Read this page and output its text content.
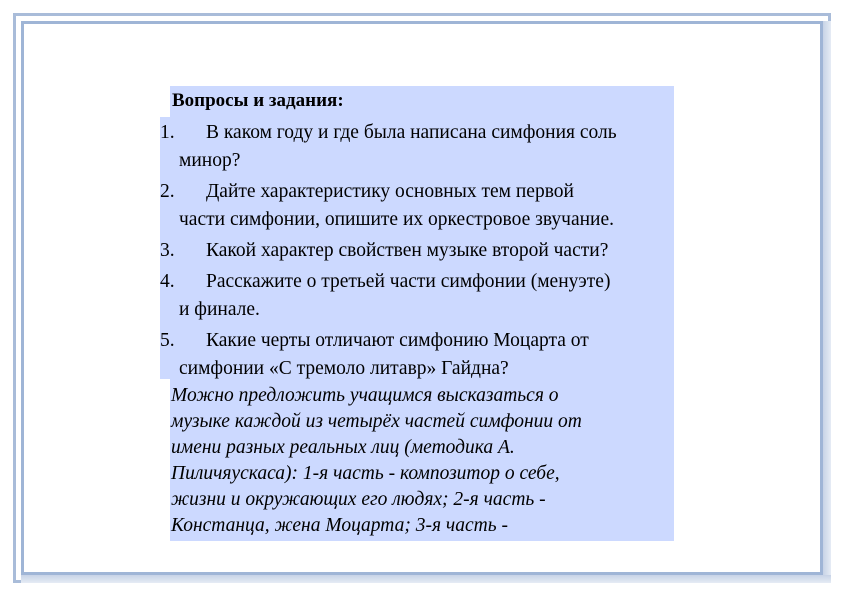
Вопросы и задания:
1.	В каком году и где была написана симфония соль
минор?
2.	Дайте характеристику основных тем первой
части симфонии, опишите их оркестровое звучание.
3.	Какой характер свойствен музыке второй части?
4.	Расскажите о третьей части симфонии (менуэте)
и финале.
5.	Какие черты отличают симфонию Моцарта от
симфонии «С тремоло литавр» Гайдна?
Можно предложить учащимся высказаться о
музыке каждой из четырёх частей симфонии от
имени разных реальных лиц (методика А.
Пиличяускаса): 1-я часть - композитор о себе,
жизни и окружающих его людях; 2-я часть -
Констанца, жена Моцарта; 3-я часть -
